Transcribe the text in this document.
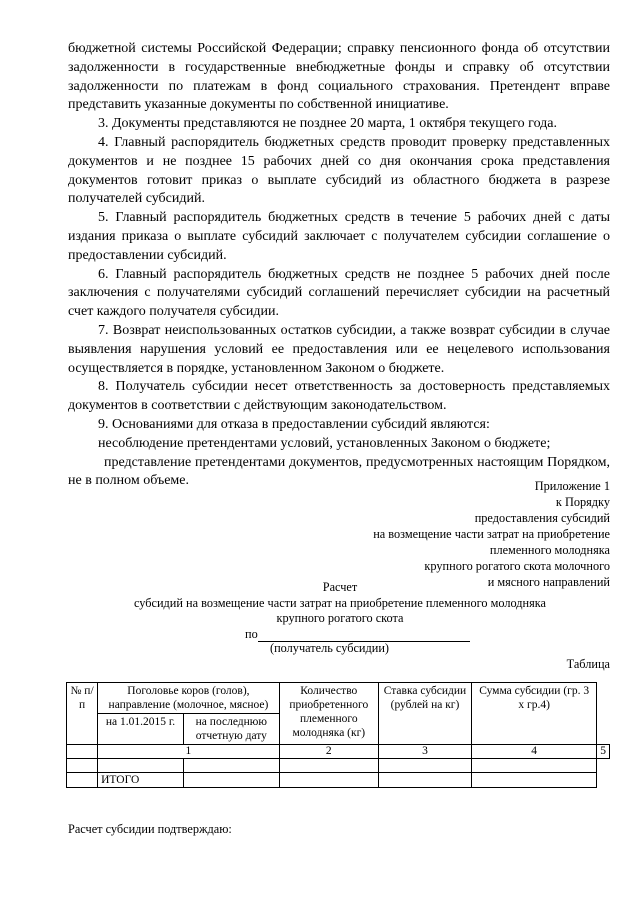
бюджетной системы Российской Федерации; справку пенсионного фонда об отсутствии задолженности в государственные внебюджетные фонды и справку об отсутствии задолженности по платежам в фонд социального страхования. Претендент вправе представить указанные документы по собственной инициативе.

3. Документы представляются не позднее 20 марта, 1 октября текущего года.

4. Главный распорядитель бюджетных средств проводит проверку представленных документов и не позднее 15 рабочих дней со дня окончания срока представления документов готовит приказ о выплате субсидий из областного бюджета в разрезе получателей субсидий.

5. Главный распорядитель бюджетных средств в течение 5 рабочих дней с даты издания приказа о выплате субсидий заключает с получателем субсидии соглашение о предоставлении субсидий.

6. Главный распорядитель бюджетных средств не позднее 5 рабочих дней после заключения с получателями субсидий соглашений перечисляет субсидии на расчетный счет каждого получателя субсидии.

7. Возврат неиспользованных остатков субсидии, а также возврат субсидии в случае выявления нарушения условий ее предоставления или ее нецелевого использования осуществляется в порядке, установленном Законом о бюджете.

8. Получатель субсидии несет ответственность за достоверность представляемых документов в соответствии с действующим законодательством.

9. Основаниями для отказа в предоставлении субсидий являются:

несоблюдение претендентами условий, установленных Законом о бюджете;

представление претендентами документов, предусмотренных настоящим Порядком, не в полном объеме.	Приложение 1
к Порядку
предоставления субсидий
на возмещение части затрат на приобретение
племенного молодняка
крупного рогатого скота молочного
и мясного направлений
Расчет
субсидий на возмещение части затрат на приобретение племенного молодняка
крупного рогатого скота
по
(получатель субсидии)
Таблица
№ п/п	Поголовье коров (голов), направление (молочное, мясное)		Количество приобретенного племенного молодняка (кг)	Ставка субсидии (рублей на кг)	Сумма субсидии (гр. 3 х гр.4)	
	на 1.01.2015 г.	на последнюю отчетную дату				
	1		2	3	4	5

	ИТОГО					
Расчет субсидии подтверждаю:
